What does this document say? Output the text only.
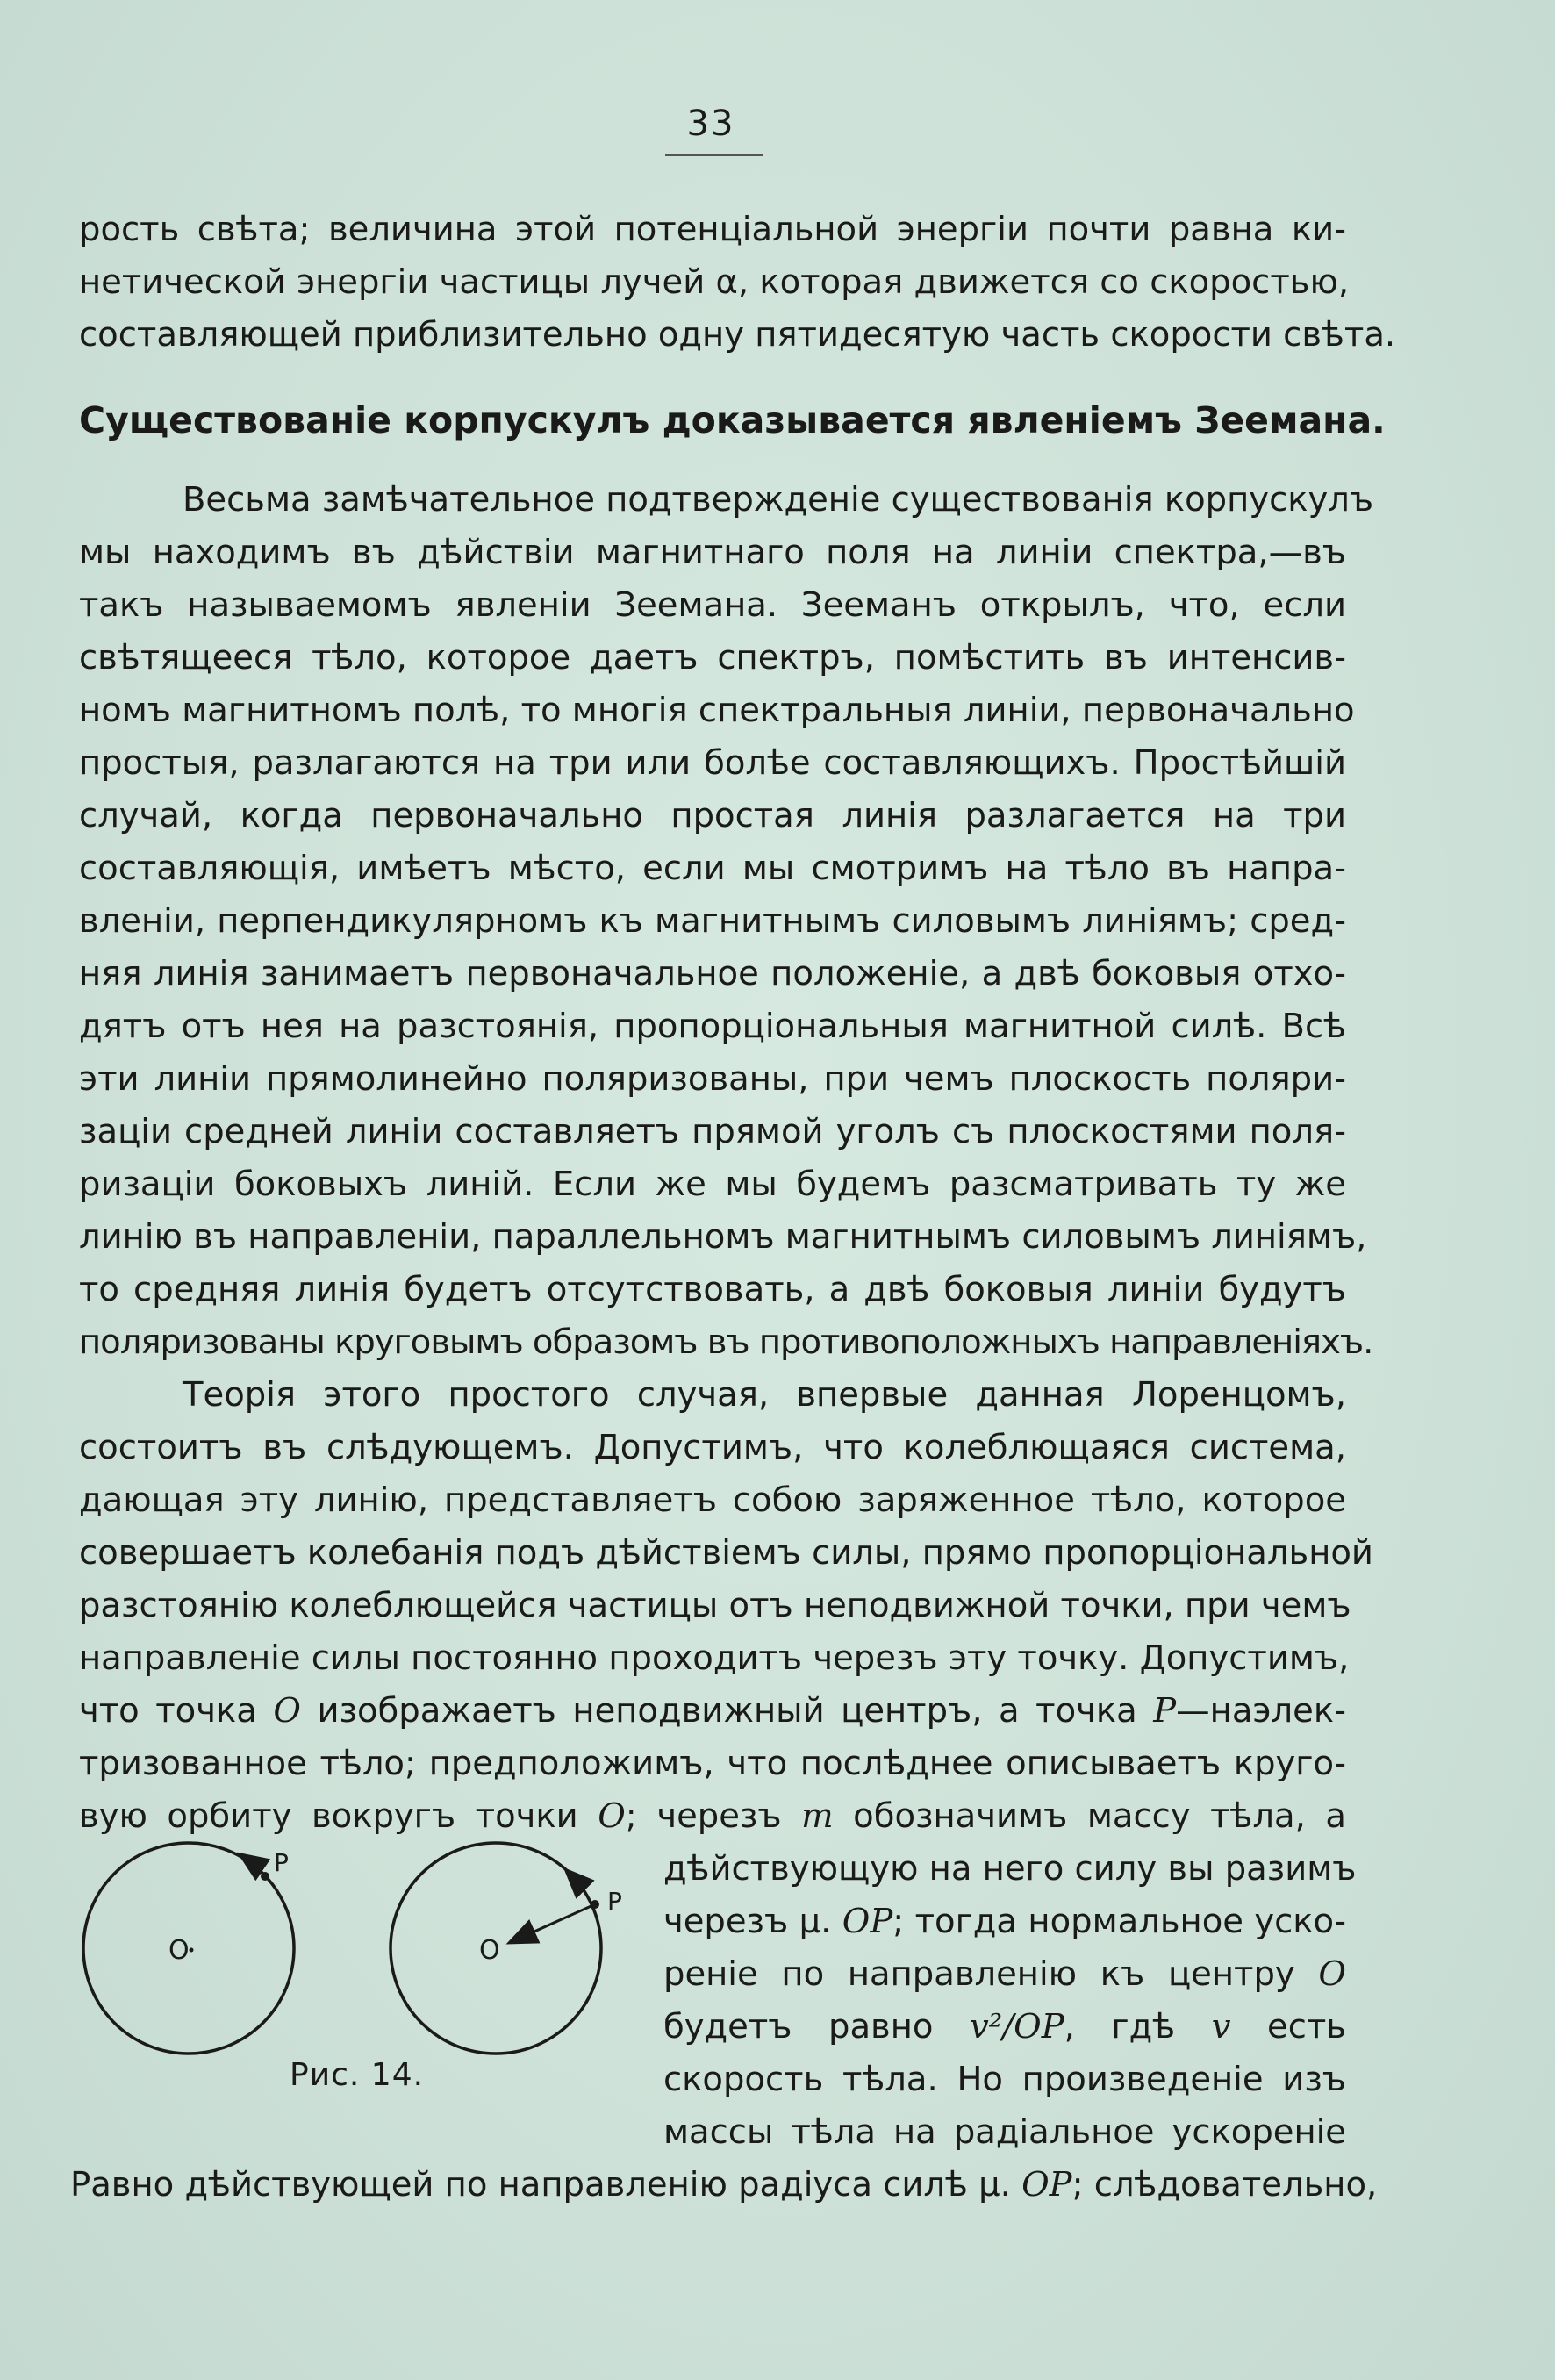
33
рость свѣта; величина этой потенціальной энергіи почти равна ки-
нетической энергіи частицы лучей α, которая движется со скоростью,
составляющей приблизительно одну пятидесятую часть скорости свѣта.
Существованіе корпускулъ доказывается явленіемъ Зеемана.
Весьма замѣчательное подтвержденіе существованія корпускулъ
мы находимъ въ дѣйствіи магнитнаго поля на линіи спектра,—въ
такъ называемомъ явленіи Зеемана. Зееманъ открылъ, что, если
свѣтящееся тѣло, которое даетъ спектръ, помѣстить въ интенсив-
номъ магнитномъ полѣ, то многія спектральныя линіи, первоначально
простыя, разлагаются на три или болѣе составляющихъ. Простѣйшій
случай, когда первоначально простая линія разлагается на три
составляющія, имѣетъ мѣсто, если мы смотримъ на тѣло въ напра-
вленіи, перпендикулярномъ къ магнитнымъ силовымъ линіямъ; сред-
няя линія занимаетъ первоначальное положеніе, а двѣ боковыя отхо-
дятъ отъ нея на разстоянія, пропорціональныя магнитной силѣ. Всѣ
эти линіи прямолинейно поляризованы, при чемъ плоскость поляри-
заціи средней линіи составляетъ прямой уголъ съ плоскостями поля-
ризаціи боковыхъ линій. Если же мы будемъ разсматривать ту же
линію въ направленіи, параллельномъ магнитнымъ силовымъ линіямъ,
то средняя линія будетъ отсутствовать, а двѣ боковыя линіи будутъ
поляризованы круговымъ образомъ въ противоположныхъ направленіяхъ.
Теорія этого простого случая, впервые данная Лоренцомъ,
состоитъ въ слѣдующемъ. Допустимъ, что колеблющаяся система,
дающая эту линію, представляетъ собою заряженное тѣло, которое
совершаетъ колебанія подъ дѣйствіемъ силы, прямо пропорціональной
разстоянію колеблющейся частицы отъ неподвижной точки, при чемъ
направленіе силы постоянно проходитъ черезъ эту точку. Допустимъ,
что точка O изображаетъ неподвижный центръ, а точка P—наэлек-
тризованное тѣло; предположимъ, что послѣднее описываетъ круго-
вую орбиту вокругъ точки O; черезъ m обозначимъ массу тѣла, а
дѣйствующую на него силу вы разимъ
черезъ μ. OP; тогда нормальное уско-
реніе по направленію къ центру O
будетъ равно v²/OP, гдѣ v есть
скорость тѣла. Но произведеніе изъ
массы тѣла на радіальное ускореніе
Равно дѣйствующей по направленію радіуса силѣ μ. OP; слѣдовательно,
O
P
O
P
Рис. 14.
